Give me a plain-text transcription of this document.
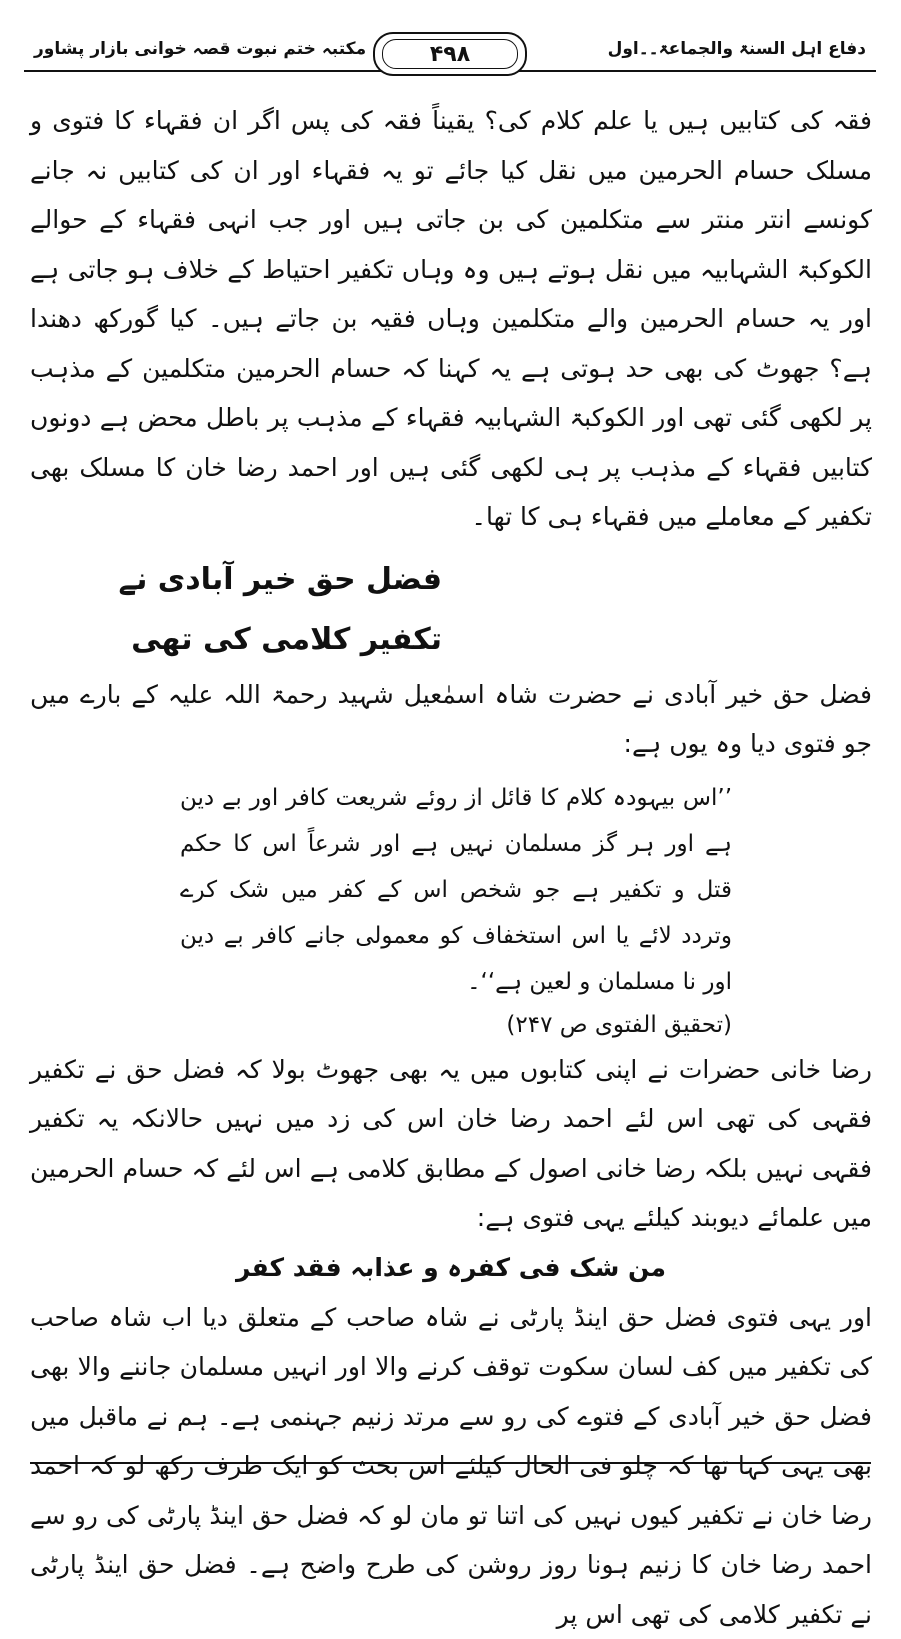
دفاع اہل السنۃ والجماعۃ۔۔اول
۴۹۸
مکتبہ ختم نبوت قصہ خوانی بازار پشاور

فقہ کی کتابیں ہیں یا علم کلام کی؟ یقیناً فقہ کی پس اگر ان فقہاء کا فتوی و مسلک حسام الحرمین میں نقل کیا جائے تو یہ فقہاء اور ان کی کتابیں نہ جانے کونسے انتر منتر سے متکلمین کی بن جاتی ہیں اور جب انہی فقہاء کے حوالے الکوکبۃ الشہابیہ میں نقل ہوتے ہیں وہ وہاں تکفیر احتیاط کے خلاف ہو جاتی ہے اور یہ حسام الحرمین والے متکلمین وہاں فقیہ بن جاتے ہیں۔ کیا گورکھ دھندا ہے؟ جھوٹ کی بھی حد ہوتی ہے یہ کہنا کہ حسام الحرمین متکلمین کے مذہب پر لکھی گئی تھی اور الکوکبۃ الشہابیہ فقہاء کے مذہب پر باطل محض ہے دونوں کتابیں فقہاء کے مذہب پر ہی لکھی گئی ہیں اور احمد رضا خان کا مسلک بھی تکفیر کے معاملے میں فقہاء ہی کا تھا۔

فضل حق خیر آبادی نے تکفیر کلامی کی تھی

فضل حق خیر آبادی نے حضرت شاہ اسمٰعیل شہید رحمۃ اللہ علیہ کے بارے میں جو فتوی دیا وہ یوں ہے:

’’اس بیہودہ کلام کا قائل از روئے شریعت کافر اور بے دین ہے اور ہر گز مسلمان نہیں ہے اور شرعاً اس کا حکم قتل و تکفیر ہے جو شخص اس کے کفر میں شک کرے وتردد لائے یا اس استخفاف کو معمولی جانے کافر بے دین اور نا مسلمان و لعین ہے‘‘۔

(تحقیق الفتوی ص ۲۴۷)

رضا خانی حضرات نے اپنی کتابوں میں یہ بھی جھوٹ بولا کہ فضل حق نے تکفیر فقہی کی تھی اس لئے احمد رضا خان اس کی زد میں نہیں حالانکہ یہ تکفیر فقہی نہیں بلکہ رضا خانی اصول کے مطابق کلامی ہے اس لئے کہ حسام الحرمین میں علمائے دیوبند کیلئے یہی فتوی ہے:

من شک فی کفرہ و عذابہ فقد کفر

اور یہی فتوی فضل حق اینڈ پارٹی نے شاہ صاحب کے متعلق دیا اب شاہ صاحب کی تکفیر میں کف لسان سکوت توقف کرنے والا اور انہیں مسلمان جاننے والا بھی فضل حق خیر آبادی کے فتوے کی رو سے مرتد زنیم جہنمی ہے۔ ہم نے ماقبل میں بھی یہی کہا تھا کہ چلو فی الحال کیلئے اس بحث کو ایک طرف رکھ لو کہ احمد رضا خان نے تکفیر کیوں نہیں کی اتنا تو مان لو کہ فضل حق اینڈ پارٹی کی رو سے احمد رضا خان کا زنیم ہونا روز روشن کی طرح واضح ہے۔ فضل حق اینڈ پارٹی نے تکفیر کلامی کی تھی اس پر
